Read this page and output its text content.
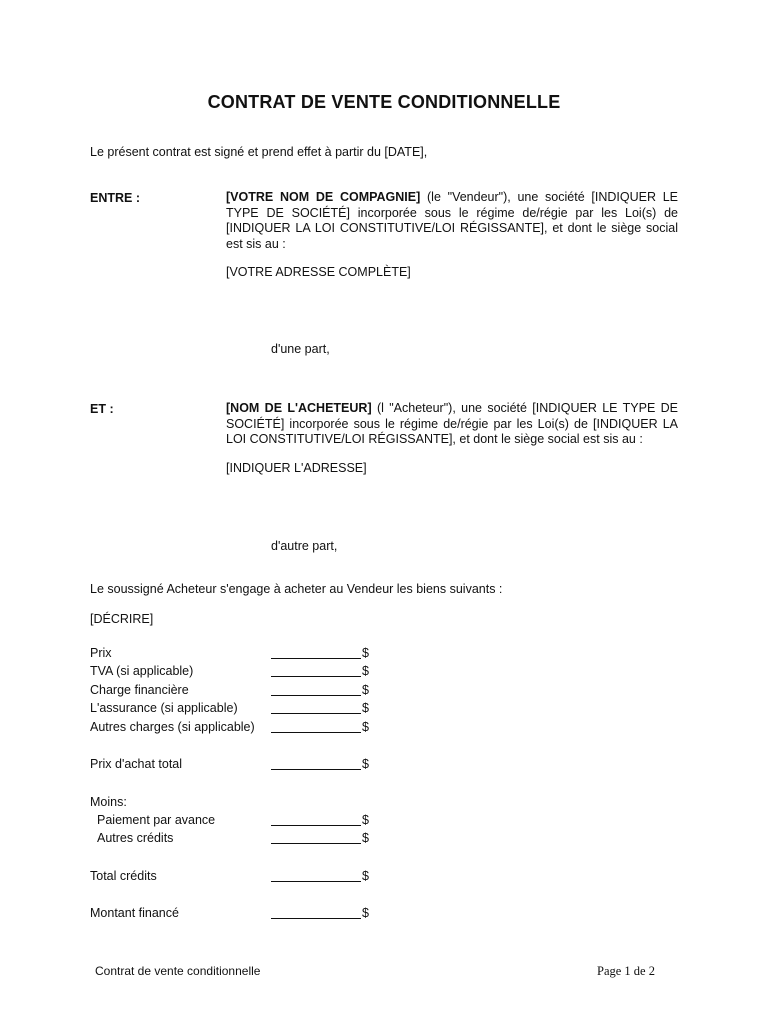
CONTRAT DE VENTE CONDITIONNELLE
Le présent contrat est signé et prend effet à partir du [DATE],
ENTRE :	[VOTRE NOM DE COMPAGNIE] (le "Vendeur"), une société [INDIQUER LE TYPE DE SOCIÉTÉ] incorporée sous le régime de/régie par les Loi(s) de [INDIQUER LA LOI CONSTITUTIVE/LOI RÉGISSANTE], et dont le siège social est sis au :
[VOTRE ADRESSE COMPLÈTE]
d'une part,
ET :	[NOM DE L'ACHETEUR] (l "Acheteur"), une société [INDIQUER LE TYPE DE SOCIÉTÉ] incorporée sous le régime de/régie par les Loi(s) de [INDIQUER LA LOI CONSTITUTIVE/LOI RÉGISSANTE], et dont le siège social est sis au :
[INDIQUER L'ADRESSE]
d'autre part,
Le soussigné Acheteur s'engage à acheter au Vendeur les biens suivants :
[DÉCRIRE]
Prix	$
TVA (si applicable)	$
Charge financière	$
L'assurance (si applicable)	$
Autres charges (si applicable)	$
Prix d'achat total	$
Moins:
Paiement par avance	$
Autres crédits	$
Total crédits	$
Montant financé	$
Contrat de vente conditionnelle	Page 1 de 2
